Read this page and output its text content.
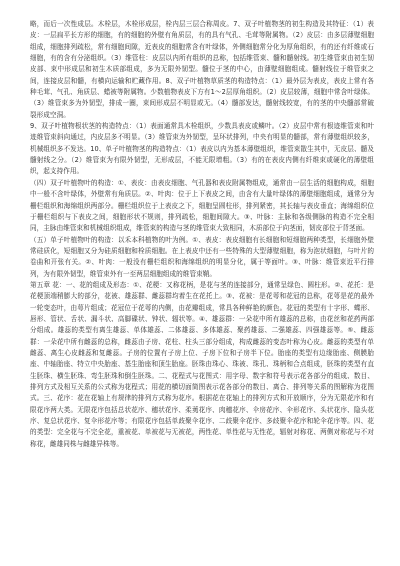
略，而后一次性成层。木栓层，木栓形成层，栓内层三层合称周皮。7、双子叶植物茎的初生构造及其特征：（1）表皮：一层扁平长方形的细胞，有的细胞的外壁有角质层，有的具有气孔、毛茸等附属物。（2）皮层：由多层薄壁细胞组成，细胞排列疏松，常有细胞间隙，近表皮的细胞常含有叶绿体，外侧细胞常分化为厚角组织，有的还有纤维或石细胞，有的含有分泌组织。（3）维管柱：皮层以内所有组织的总称，包括维管束、髓和髓射线。初生维管束由初生韧皮部、束中形成层和初生木质部组成，多为无限外韧型。髓位于茎的中心，由薄壁细胞组成。髓射线位于维管束之间，连接皮层和髓，有横向运输和贮藏作用。8、双子叶植物草质茎的构造特点：（1）最外层为表皮，表皮上常有各种毛茸、气孔、角质层、蜡被等附属物。少数植物表皮下方有1～2层厚角组织。（2）皮层较薄，细胞中常含叶绿体。（3）维管束多为外韧型，排成一圈，束间形成层不明显或无。（4）髓部发达，髓射线较宽，有的茎的中央髓部常破裂形成空洞。

9、双子叶植物根状茎的构造特点：（1）表面通常具木栓组织，少数具表皮或鳞叶。（2）皮层中常有根迹维管束和叶迹维管束斜向通过，内皮层多不明显。（3）维管束为外韧型，呈环状排列，中央有明显的髓部，常有薄壁组织较多，机械组织多不发达。10、单子叶植物茎的构造特点：（1）表皮以内为基本薄壁组织，维管束散生其中，无皮层、髓及髓射线之分。（2）维管束为有限外韧型，无形成层，不能无限增粗。（3）有的在表皮内侧有纤维束或硬化的薄壁组织，起支持作用。

（四）双子叶植物叶的构造：①、表皮：由表皮细胞、气孔器和表皮附属物组成，通常由一层生活的细胞构成，细胞中一般不含叶绿体，外壁常有角质层。②、叶肉：位于上下表皮之间，由含有大量叶绿体的薄壁细胞组成，通常分为栅栏组织和海绵组织两部分。栅栏组织位于上表皮之下，细胞呈圆柱形，排列紧密，其长轴与表皮垂直；海绵组织位于栅栏组织与下表皮之间，细胞形状不规则，排列疏松，细胞间隙大。③、叶脉：主脉和各级侧脉的构造不完全相同，主脉由维管束和机械组织组成，维管束的构造与茎的维管束大致相同，木质部位于向茎面，韧皮部位于背茎面。

（五）单子叶植物叶的构造：以禾本科植物的叶为例。①、表皮：表皮细胞有长细胞和短细胞两种类型，长细胞外壁常硅质化，短细胞又分为硅质细胞和栓质细胞。在上表皮中还有一些特殊的大型薄壁细胞，称为泡状细胞，与叶片的卷曲和开张有关。②、叶肉：一般没有栅栏组织和海绵组织的明显分化，属于等面叶。③、叶脉：维管束近平行排列，为有限外韧型，维管束外有一至两层细胞组成的维管束鞘。

第五章 花：一、花的组成及形态：①、花梗：又称花柄，是花与茎的连接部分，通常呈绿色、圆柱形。②、花托：是花梗顶端稍膨大的部分，花被、雄蕊群、雌蕊群均着生在花托上。③、花被：是花萼和花冠的总称，花萼是花的最外一轮变态叶，由萼片组成；花冠位于花萼的内侧，由花瓣组成，常具各种鲜艳的颜色。花冠的类型有十字形、蝶形、唇形、管状、舌状、漏斗状、高脚碟状、钟状、辐状等。④、雄蕊群：一朵花中所有雄蕊的总称，由花丝和花药两部分组成。雄蕊的类型有离生雄蕊、单体雄蕊、二体雄蕊、多体雄蕊、聚药雄蕊、二强雄蕊、四强雄蕊等。⑤、雌蕊群：一朵花中所有雌蕊的总称，雌蕊由子房、花柱、柱头三部分组成，构成雌蕊的变态叶称为心皮。雌蕊的类型有单雌蕊、离生心皮雌蕊和复雌蕊。子房的位置有子房上位、子房下位和子房半下位。胎座的类型有边缘胎座、侧膜胎座、中轴胎座、特立中央胎座、基生胎座和顶生胎座。胚珠由珠心、珠被、珠孔、珠柄和合点组成，胚珠的类型有直生胚珠、横生胚珠、弯生胚珠和倒生胚珠。二、花程式与花图式：用字母、数字和符号表示花各部分的组成、数目、排列方式及相互关系的公式称为花程式；用花的横切面简图表示花各部分的数目、离合、排列等关系的图解称为花图式。三、花序：花在花轴上有规律的排列方式称为花序。根据花在花轴上的排列方式和开放顺序，分为无限花序和有限花序两大类。无限花序包括总状花序、穗状花序、柔荑花序、肉穗花序、伞房花序、伞形花序、头状花序、隐头花序、复总状花序、复伞形花序等；有限花序包括单歧聚伞花序、二歧聚伞花序、多歧聚伞花序和轮伞花序等。四、花的类型：完全花与不完全花，重被花、单被花与无被花，两性花、单性花与无性花，辐射对称花、两侧对称花与不对称花，雌雄同株与雌雄异株等。
